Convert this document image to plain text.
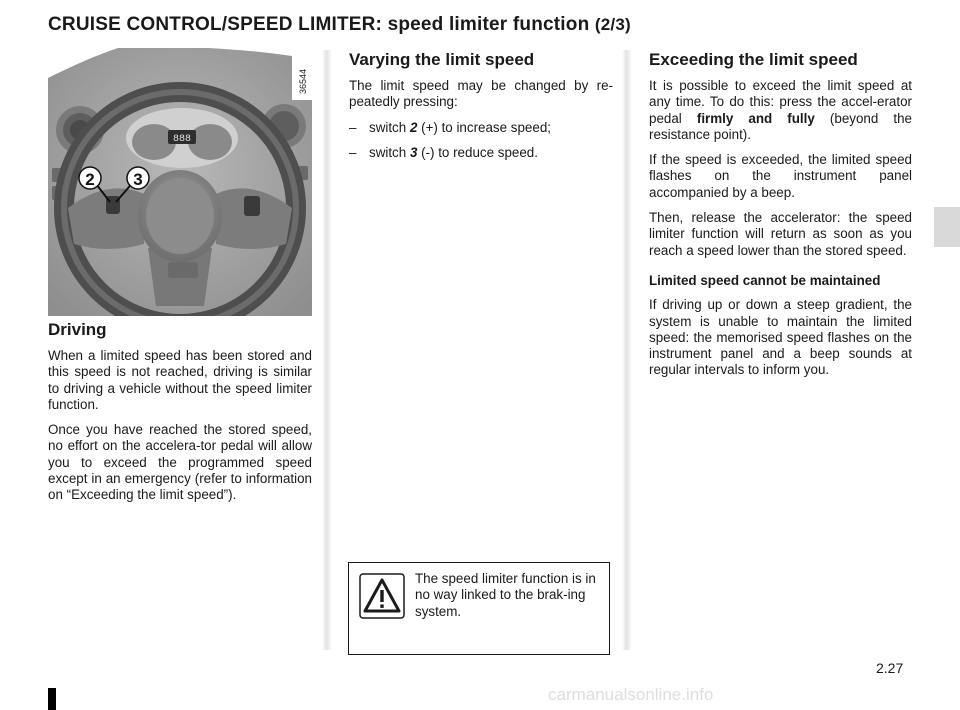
CRUISE CONTROL/SPEED LIMITER: speed limiter function (2/3)
888
2 3
36544
Driving

When a limited speed has been stored and this speed is not reached, driving is similar to driving a vehicle without the speed limiter function.

Once you have reached the stored speed, no effort on the accelera-tor pedal will allow you to exceed the programmed speed except in an emergency (refer to information on “Exceeding the limit speed”).

Varying the limit speed

The limit speed may be changed by re-peatedly pressing:

– switch 2 (+) to increase speed;
– switch 3 (-) to reduce speed.
The speed limiter function is in no way linked to the brak-ing system.
Exceeding the limit speed

It is possible to exceed the limit speed at any time. To do this: press the accel-erator pedal firmly and fully (beyond the resistance point).

If the speed is exceeded, the limited speed flashes on the instrument panel accompanied by a beep.

Then, release the accelerator: the speed limiter function will return as soon as you reach a speed lower than the stored speed.

Limited speed cannot be maintained

If driving up or down a steep gradient, the system is unable to maintain the limited speed: the memorised speed flashes on the instrument panel and a beep sounds at regular intervals to inform you.

2.27
carmanualsonline.info
